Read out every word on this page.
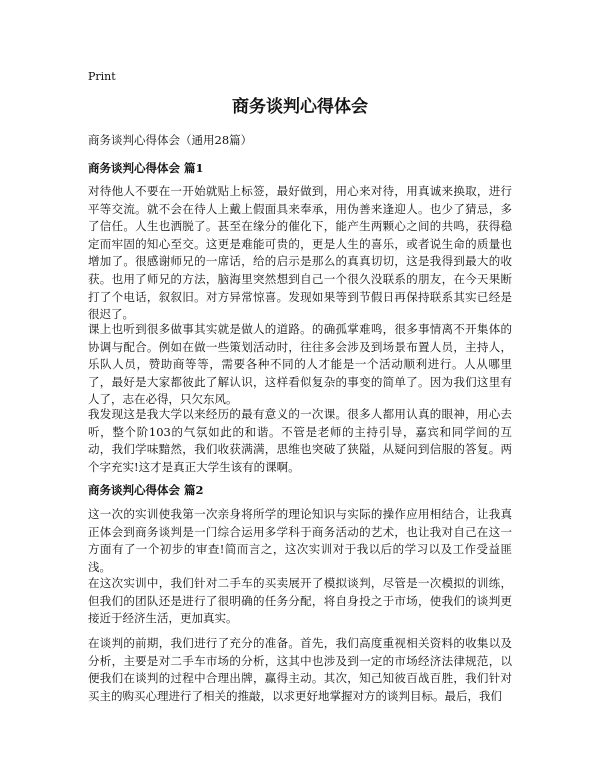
Print
商务谈判心得体会
商务谈判心得体会（通用28篇）
商务谈判心得体会 篇1

对待他人不要在一开始就贴上标签，最好做到，用心来对待，用真诚来换取，进行平等交流。就不会在待人上戴上假面具来奉承，用伪善来逢迎人。也少了猜忌，多了信任。人生也洒脱了。甚至在缘分的催化下，能产生两颗心之间的共鸣，获得稳定而牢固的知心至交。这更是难能可贵的，更是人生的喜乐，或者说生命的质量也增加了。很感谢师兄的一席话，给的启示是那么的真真切切，这是我得到最大的收获。也用了师兄的方法，脑海里突然想到自己一个很久没联系的朋友，在今天果断打了个电话，叙叙旧。对方异常惊喜。发现如果等到节假日再保持联系其实已经是很迟了。

课上也听到很多做事其实就是做人的道路。的确孤掌难鸣，很多事情离不开集体的协调与配合。例如在做一些策划活动时，往往多会涉及到场景布置人员，主持人，乐队人员，赞助商等等，需要各种不同的人才能是一个活动顺利进行。人从哪里了，最好是大家都彼此了解认识，这样看似复杂的事变的简单了。因为我们这里有人了，志在必得，只欠东风。

我发现这是我大学以来经历的最有意义的一次课。很多人都用认真的眼神，用心去听，整个阶103的气氛如此的和谐。不管是老师的主持引导，嘉宾和同学间的互动，我们学味黯然，我们收获满满，思维也突破了狭隘，从疑问到信服的答复。两个字充实!这才是真正大学生该有的课啊。

商务谈判心得体会 篇2

这一次的实训使我第一次亲身将所学的理论知识与实际的操作应用相结合，让我真正体会到商务谈判是一门综合运用多学科于商务活动的艺术，也让我对自己在这一方面有了一个初步的审查!简而言之，这次实训对于我以后的学习以及工作受益匪浅。

在这次实训中，我们针对二手车的买卖展开了模拟谈判，尽管是一次模拟的训练，但我们的团队还是进行了很明确的任务分配，将自身投之于市场，使我们的谈判更接近于经济生活，更加真实。

在谈判的前期，我们进行了充分的准备。首先，我们高度重视相关资料的收集以及分析，主要是对二手车市场的分析，这其中也涉及到一定的市场经济法律规范，以便我们在谈判的过程中合理出牌，赢得主动。其次，知己知彼百战百胜，我们针对买主的购买心理进行了相关的推敲，以求更好地掌握对方的谈判目标。最后，我们
